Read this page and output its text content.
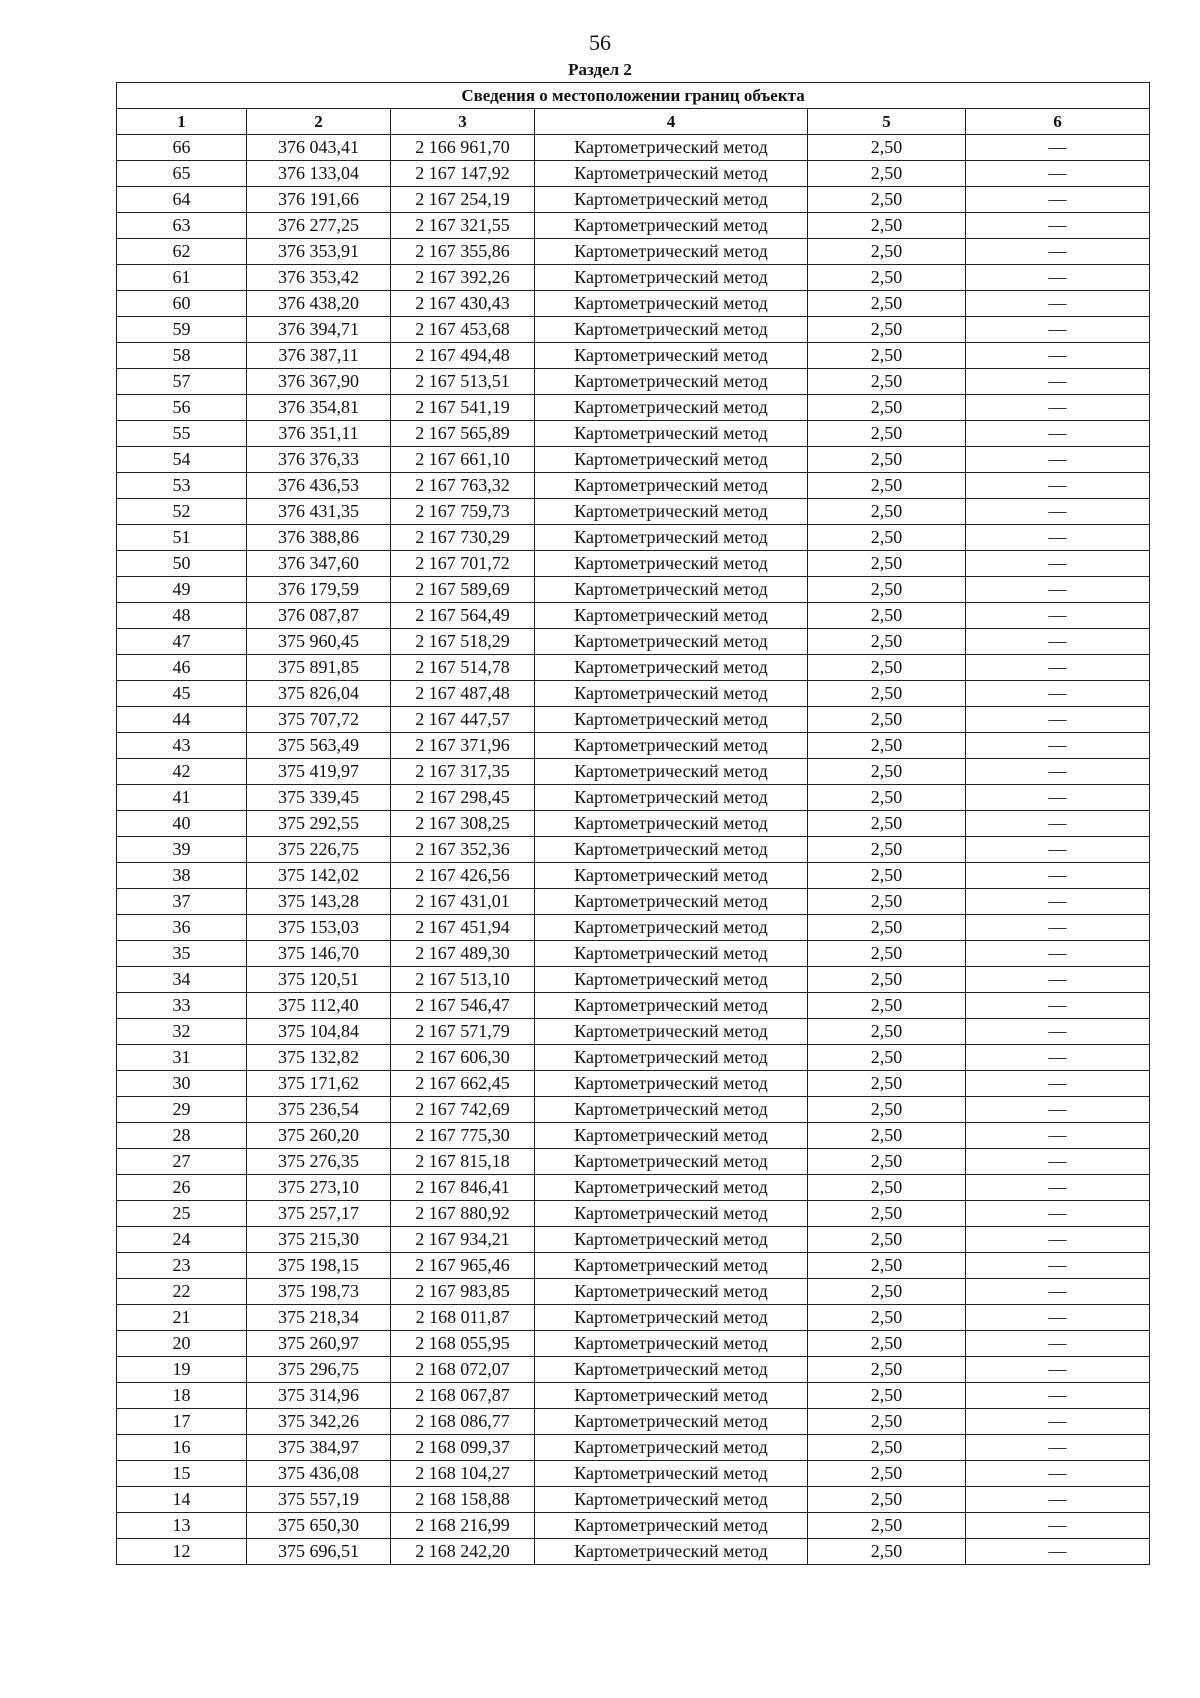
56
Раздел 2
Сведения о местоположении границ объекта					
1	2	3	4	5	6
66	376 043,41	2 166 961,70	Картометрический метод	2,50	—
65	376 133,04	2 167 147,92	Картометрический метод	2,50	—
64	376 191,66	2 167 254,19	Картометрический метод	2,50	—
63	376 277,25	2 167 321,55	Картометрический метод	2,50	—
62	376 353,91	2 167 355,86	Картометрический метод	2,50	—
61	376 353,42	2 167 392,26	Картометрический метод	2,50	—
60	376 438,20	2 167 430,43	Картометрический метод	2,50	—
59	376 394,71	2 167 453,68	Картометрический метод	2,50	—
58	376 387,11	2 167 494,48	Картометрический метод	2,50	—
57	376 367,90	2 167 513,51	Картометрический метод	2,50	—
56	376 354,81	2 167 541,19	Картометрический метод	2,50	—
55	376 351,11	2 167 565,89	Картометрический метод	2,50	—
54	376 376,33	2 167 661,10	Картометрический метод	2,50	—
53	376 436,53	2 167 763,32	Картометрический метод	2,50	—
52	376 431,35	2 167 759,73	Картометрический метод	2,50	—
51	376 388,86	2 167 730,29	Картометрический метод	2,50	—
50	376 347,60	2 167 701,72	Картометрический метод	2,50	—
49	376 179,59	2 167 589,69	Картометрический метод	2,50	—
48	376 087,87	2 167 564,49	Картометрический метод	2,50	—
47	375 960,45	2 167 518,29	Картометрический метод	2,50	—
46	375 891,85	2 167 514,78	Картометрический метод	2,50	—
45	375 826,04	2 167 487,48	Картометрический метод	2,50	—
44	375 707,72	2 167 447,57	Картометрический метод	2,50	—
43	375 563,49	2 167 371,96	Картометрический метод	2,50	—
42	375 419,97	2 167 317,35	Картометрический метод	2,50	—
41	375 339,45	2 167 298,45	Картометрический метод	2,50	—
40	375 292,55	2 167 308,25	Картометрический метод	2,50	—
39	375 226,75	2 167 352,36	Картометрический метод	2,50	—
38	375 142,02	2 167 426,56	Картометрический метод	2,50	—
37	375 143,28	2 167 431,01	Картометрический метод	2,50	—
36	375 153,03	2 167 451,94	Картометрический метод	2,50	—
35	375 146,70	2 167 489,30	Картометрический метод	2,50	—
34	375 120,51	2 167 513,10	Картометрический метод	2,50	—
33	375 112,40	2 167 546,47	Картометрический метод	2,50	—
32	375 104,84	2 167 571,79	Картометрический метод	2,50	—
31	375 132,82	2 167 606,30	Картометрический метод	2,50	—
30	375 171,62	2 167 662,45	Картометрический метод	2,50	—
29	375 236,54	2 167 742,69	Картометрический метод	2,50	—
28	375 260,20	2 167 775,30	Картометрический метод	2,50	—
27	375 276,35	2 167 815,18	Картометрический метод	2,50	—
26	375 273,10	2 167 846,41	Картометрический метод	2,50	—
25	375 257,17	2 167 880,92	Картометрический метод	2,50	—
24	375 215,30	2 167 934,21	Картометрический метод	2,50	—
23	375 198,15	2 167 965,46	Картометрический метод	2,50	—
22	375 198,73	2 167 983,85	Картометрический метод	2,50	—
21	375 218,34	2 168 011,87	Картометрический метод	2,50	—
20	375 260,97	2 168 055,95	Картометрический метод	2,50	—
19	375 296,75	2 168 072,07	Картометрический метод	2,50	—
18	375 314,96	2 168 067,87	Картометрический метод	2,50	—
17	375 342,26	2 168 086,77	Картометрический метод	2,50	—
16	375 384,97	2 168 099,37	Картометрический метод	2,50	—
15	375 436,08	2 168 104,27	Картометрический метод	2,50	—
14	375 557,19	2 168 158,88	Картометрический метод	2,50	—
13	375 650,30	2 168 216,99	Картометрический метод	2,50	—
12	375 696,51	2 168 242,20	Картометрический метод	2,50	—
